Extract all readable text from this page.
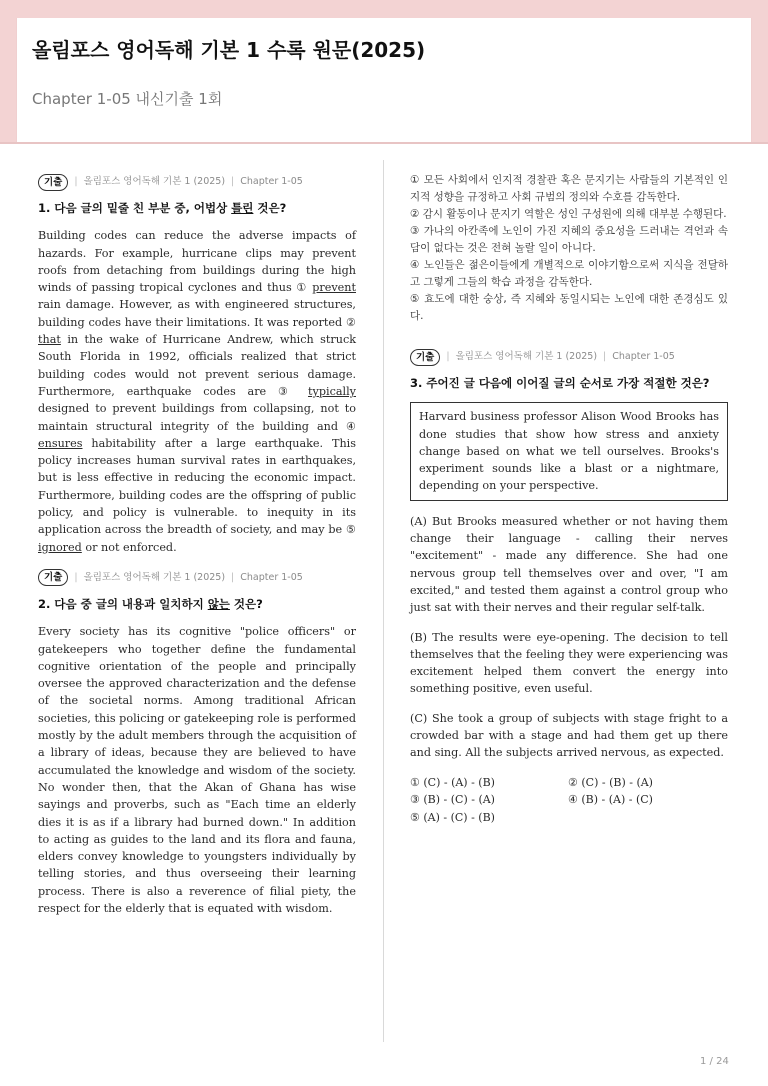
올림포스 영어독해 기본 1 수록 원문(2025)
Chapter 1-05 내신기출 1회
기출	| 올림포스 영어독해 기본 1 (2025) | Chapter 1-05
1. 다음 글의 밑줄 친 부분 중, 어법상 틀린 것은?
Building codes can reduce the adverse impacts of hazards. For example, hurricane clips may prevent roofs from detaching from buildings during the high winds of passing tropical cyclones and thus ① prevent rain damage. However, as with engineered structures, building codes have their limitations. It was reported ② that in the wake of Hurricane Andrew, which struck South Florida in 1992, officials realized that strict building codes would not prevent serious damage. Furthermore, earthquake codes are ③ typically designed to prevent buildings from collapsing, not to maintain structural integrity of the building and ④ ensures habitability after a large earthquake. This policy increases human survival rates in earthquakes, but is less effective in reducing the economic impact. Furthermore, building codes are the offspring of public policy, and policy is vulnerable. to inequity in its application across the breadth of society, and may be ⑤ ignored or not enforced.
기출	| 올림포스 영어독해 기본 1 (2025) | Chapter 1-05
2. 다음 중 글의 내용과 일치하지 않는 것은?
Every society has its cognitive "police officers" or gatekeepers who together define the fundamental cognitive orientation of the people and principally oversee the approved characterization and the defense of the societal norms. Among traditional African societies, this policing or gatekeeping role is performed mostly by the adult members through the acquisition of a library of ideas, because they are believed to have accumulated the knowledge and wisdom of the society. No wonder then, that the Akan of Ghana has wise sayings and proverbs, such as "Each time an elderly dies it is as if a library had burned down." In addition to acting as guides to the land and its flora and fauna, elders convey knowledge to youngsters individually by telling stories, and thus overseeing their learning process. There is also a reverence of filial piety, the respect for the elderly that is equated with wisdom.
① 모든 사회에서 인지적 경찰관 혹은 문지기는 사람들의 기본적인 인지적 성향을 규정하고 사회 규범의 정의와 수호를 감독한다.
② 감시 활동이나 문지기 역할은 성인 구성원에 의해 대부분 수행된다.
③ 가나의 아칸족에 노인이 가진 지혜의 중요성을 드러내는 격언과 속담이 없다는 것은 전혀 놀랄 일이 아니다.
④ 노인들은 젊은이들에게 개별적으로 이야기함으로써 지식을 전달하고 그렇게 그들의 학습 과정을 감독한다.
⑤ 효도에 대한 숭상, 즉 지혜와 동일시되는 노인에 대한 존경심도 있다.
기출	| 올림포스 영어독해 기본 1 (2025) | Chapter 1-05
3. 주어진 글 다음에 이어질 글의 순서로 가장 적절한 것은?
Harvard business professor Alison Wood Brooks has done studies that show how stress and anxiety change based on what we tell ourselves. Brooks's experiment sounds like a blast or a nightmare, depending on your perspective.
(A) But Brooks measured whether or not having them change their language - calling their nerves "excitement" - made any difference. She had one nervous group tell themselves over and over, "I am excited," and tested them against a control group who just sat with their nerves and their regular self-talk.
(B) The results were eye-opening. The decision to tell themselves that the feeling they were experiencing was excitement helped them convert the energy into something positive, even useful.
(C) She took a group of subjects with stage fright to a crowded bar with a stage and had them get up there and sing. All the subjects arrived nervous, as expected.
① (C) - (A) - (B)	② (C) - (B) - (A)
③ (B) - (C) - (A)	④ (B) - (A) - (C)
⑤ (A) - (C) - (B)
1 / 24
